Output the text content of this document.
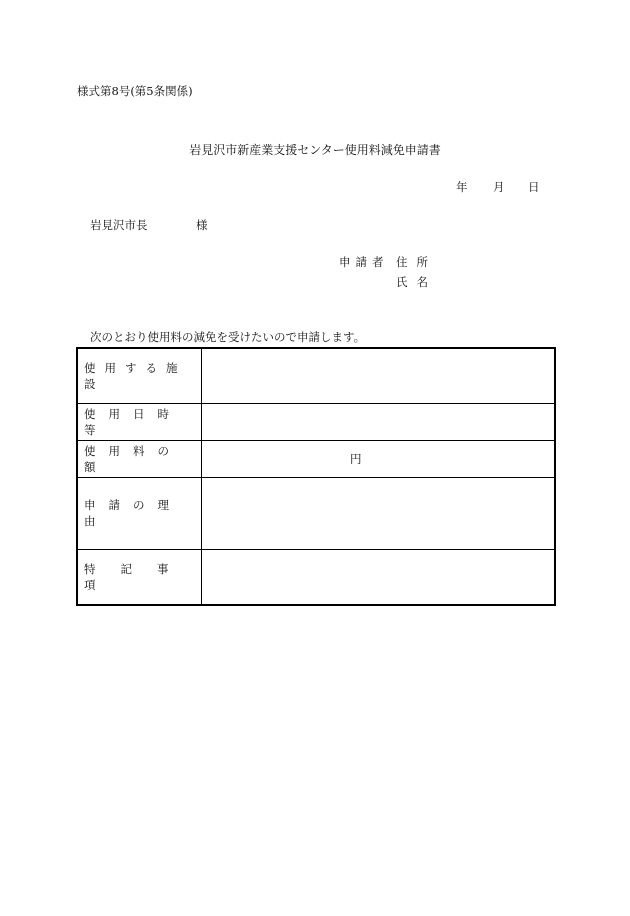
様式第8号(第5条関係)
岩見沢市新産業支援センター使用料減免申請書
年 月 日
岩見沢市長	様
申請者 住所
氏名
次のとおり使用料の減免を受けたいので申請します。
使用する施設	

使用日時等	

使用料の額	円

申請の理由	

特記事項	
